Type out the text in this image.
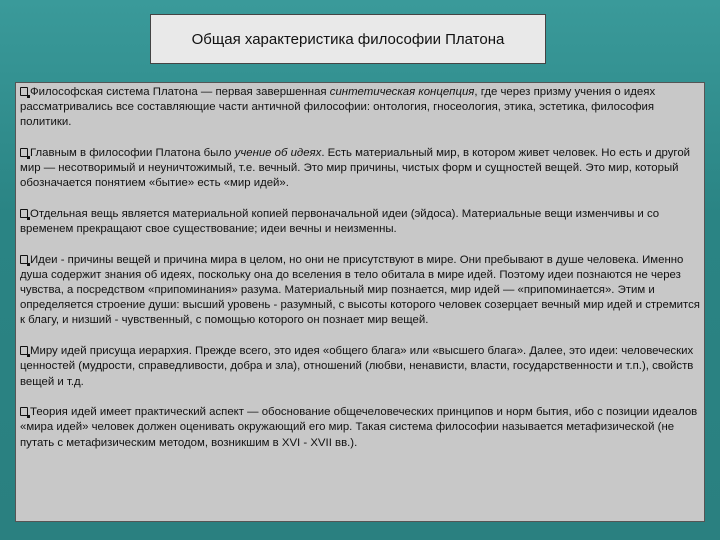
Общая характеристика философии Платона

Философская система Платона — первая завершенная синтетическая концепция, где через призму учения о идеях рассматривались все составляющие части античной философии: онтология, гносеология, этика, эстетика, философия политики.

Главным в философии Платона было учение об идеях. Есть материальный мир, в котором живет человек. Но есть и другой мир — несотворимый и неуничтожимый, т.е. вечный. Это мир причины, чистых форм и сущностей вещей. Это мир, который обозначается понятием «бытие» есть «мир идей».

Отдельная вещь является материальной копией первоначальной идеи (эйдоса). Материальные вещи изменчивы и со временем прекращают свое существование; идеи вечны и неизменны.

Идеи - причины вещей и причина мира в целом, но они не присутствуют в мире. Они пребывают в душе человека. Именно душа содержит знания об идеях, поскольку она до вселения в тело обитала в мире идей. Поэтому идеи познаются не через чувства, а посредством «припоминания» разума. Материальный мир познается, мир идей — «припоминается». Этим и определяется строение души: высший уровень - разумный, с высоты которого человек созерцает вечный мир идей и стремится к благу, и низший - чувственный, с помощью которого он познает мир вещей.

Миру идей присуща иерархия. Прежде всего, это идея «общего блага» или «высшего блага». Далее, это идеи: человеческих ценностей (мудрости, справедливости, добра и зла), отношений (любви, ненависти, власти, государственности и т.п.), свойств вещей и т.д.

Теория идей имеет практический аспект — обоснование общечеловеческих принципов и норм бытия, ибо с позиции идеалов «мира идей» человек должен оценивать окружающий его мир. Такая система философии называется метафизической (не путать с метафизическим методом, возникшим в XVI - XVII вв.).
